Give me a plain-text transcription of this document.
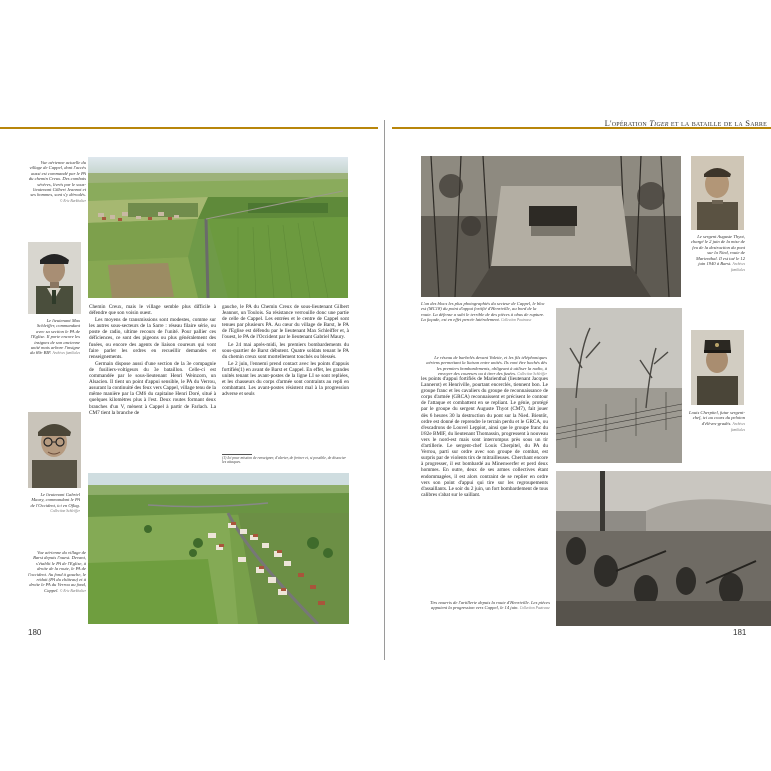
L'opération Tiger et la bataille de la Sarre
Vue aérienne actuelle du village de Cappel, dont l'accès aussi est commandé par le PA du chemin Creux. Des combats sévères, livrés par le sous-lieutenant Gilbert Jeannot et ses hommes, sont s'y déroulés. © Eric Burkhalter
Le lieutenant Max Schleiffer, commandant avec sa section le PA de l'Eglise. Il porte encore les insignes de son ancienne unité mais arbore l'insigne du 69e BIF. Archives familiales
Le lieutenant Gabriel Maury, commandant le PA de l'Occident, ici en Oflag. Collection Schleiffer

Chemin Creux, mais le village semble plus difficile à défendre que son voisin ouest.

Les moyens de transmissions sont modestes, comme sur les autres sous-secteurs de la Sarre : réseau filaire série, ou poste de radio, ultime recours de l'unité. Pour pallier ces déficiences, ce sont des pigeons ou plus généralement des fusées, ou encore des agents de liaison coureurs qui vont faire parler les ordres en recueillir demandes et renseignements.

Germain dispose aussi d'une section de la 3e compagnie de fusiliers-voltigeurs du 3e bataillon. Celle-ci est commandée par le sous-lieutenant Henri Weinzorn, un Alsacien. Il tient un point d'appui sensible, le PA du Verrou, assurant la continuité des feux vers Cappel, village tenu de la même manière par la CM6 du capitaine Henri Doré, situé à quelques kilomètres plus à l'est. Deux routes formant deux branches d'un V, mènent à Cappel à partir de Farlach. La CM7 tient la branche de

gauche, le PA du Chemin Creux de sous-lieutenant Gilbert Jeannot, un Toulois. Sa résistance verrouille donc une partie de celle de Cappel. Les entrées et le centre de Cappel sont tenues par plusieurs PA. Au cœur du village de Barst, le PA de l'Eglise est défendu par le lieutenant Max Schleiffer et, à l'ouest, le PA de l'Occident par le lieutenant Gabriel Maury.

Le 24 mai après-midi, les premiers bombardements du sous-quartier de Barst débutent. Quatre soldats tenant le PA du chemin creux sont mortellement touchés ou blessés.

Le 2 juin, l'ennemi prend contact avec les points d'appuis fortifiés(1) en avant de Barst et Cappel. En effet, les grandes unités tenant les avant-postes de la ligne LI se sont repliées, et les chasseurs du corps d'armée sont contraints au repli en combattant. Les avant-postes résistent mal à la progression adverse et seuls

(1) Ici pour mission de renseigner, d'alerter, de freiner et, si possible, de dissocier les attaques.
Vue aérienne du village de Barst depuis l'ouest. Devant, s'établit le PA de l'Eglise, à droite de la route, le PA de l'occident. Au fond à gauche, le réduit (PA du château) et à droite le PA du Verrou au fond, Cappel. © Eric Burkhalter
180
L'un des blocs les plus photographiés du secteur de Cappel, le bloc est (MC18) du point d'appui fortifié d'Henriville, au bord de la route. La défense a subi le terrible de des pièces à obus de rupture. La façade, est en effet percée latéralement. Collection Pautrasse
Le sergent Auguste Thyot, chargé le 2 juin de la mise de feu de la destruction du pont sur la Nied, route de Marienthal. Il est tué le 12 juin 1940 à Barst. Archives familiales
Le réseau de barbelés devant Valette, et les fils téléphoniques aériens permettant la liaison entre unités. Ils vont être hachés dès les premiers bombardements, obligeant à utiliser la radio, à envoyer des coureurs ou à tirer des fusées. Collection Schleiffer
Louis Cherpitel, futur sergent-chef, ici au cours du peloton d'élèves-gradés. Archives familiales

les points d'appui fortifiés de Marienthal (lieutenant Jacques Lannerot) et Henriville, pourtant encerclés, tiennent bon. Le groupe franc et les cavaliers du groupe de reconnaissance de corps d'armée (GRCA) reconnaissent et précisent le contour de l'attaque et combattent en se repliant. Le génie, protégé par le groupe du sergent Auguste Thyot (CM7), fait jouer dès 6 heures 30 la destruction du pont sur la Nied. Bientôt, ordre est donné de reprendre le terrain perdu et le GRCA, ou d'escadrons de Louvel Leppiot, ainsi que le groupe franc du I/82e BMIF, du lieutenant Thomassin, progressent à nouveau vers le nord-est mais sont interrompus près sous un tir d'artillerie. Le sergent-chef Louis Cherpitel, du PA du Verrou, parti sur ordre avec son groupe de combat, est surpris par de violents tirs de mitrailleuses. Cherchant encore à progresser, il est bombardé au Minenwerfer et perd deux hommes. En outre, deux de ses armes collectives étant endommagées, il est alors contraint de se replier en ordre vers son point d'appui qui tire sur les regroupements d'assaillants. Le soir du 2 juin, un fort bombardement de tous calibres s'abat sur le saillant.

Tirs nourris de l'artillerie depuis la route d'Henriville. Les pièces appuient la progression vers Cappel, le 14 juin. Collection Pautrasse
181
